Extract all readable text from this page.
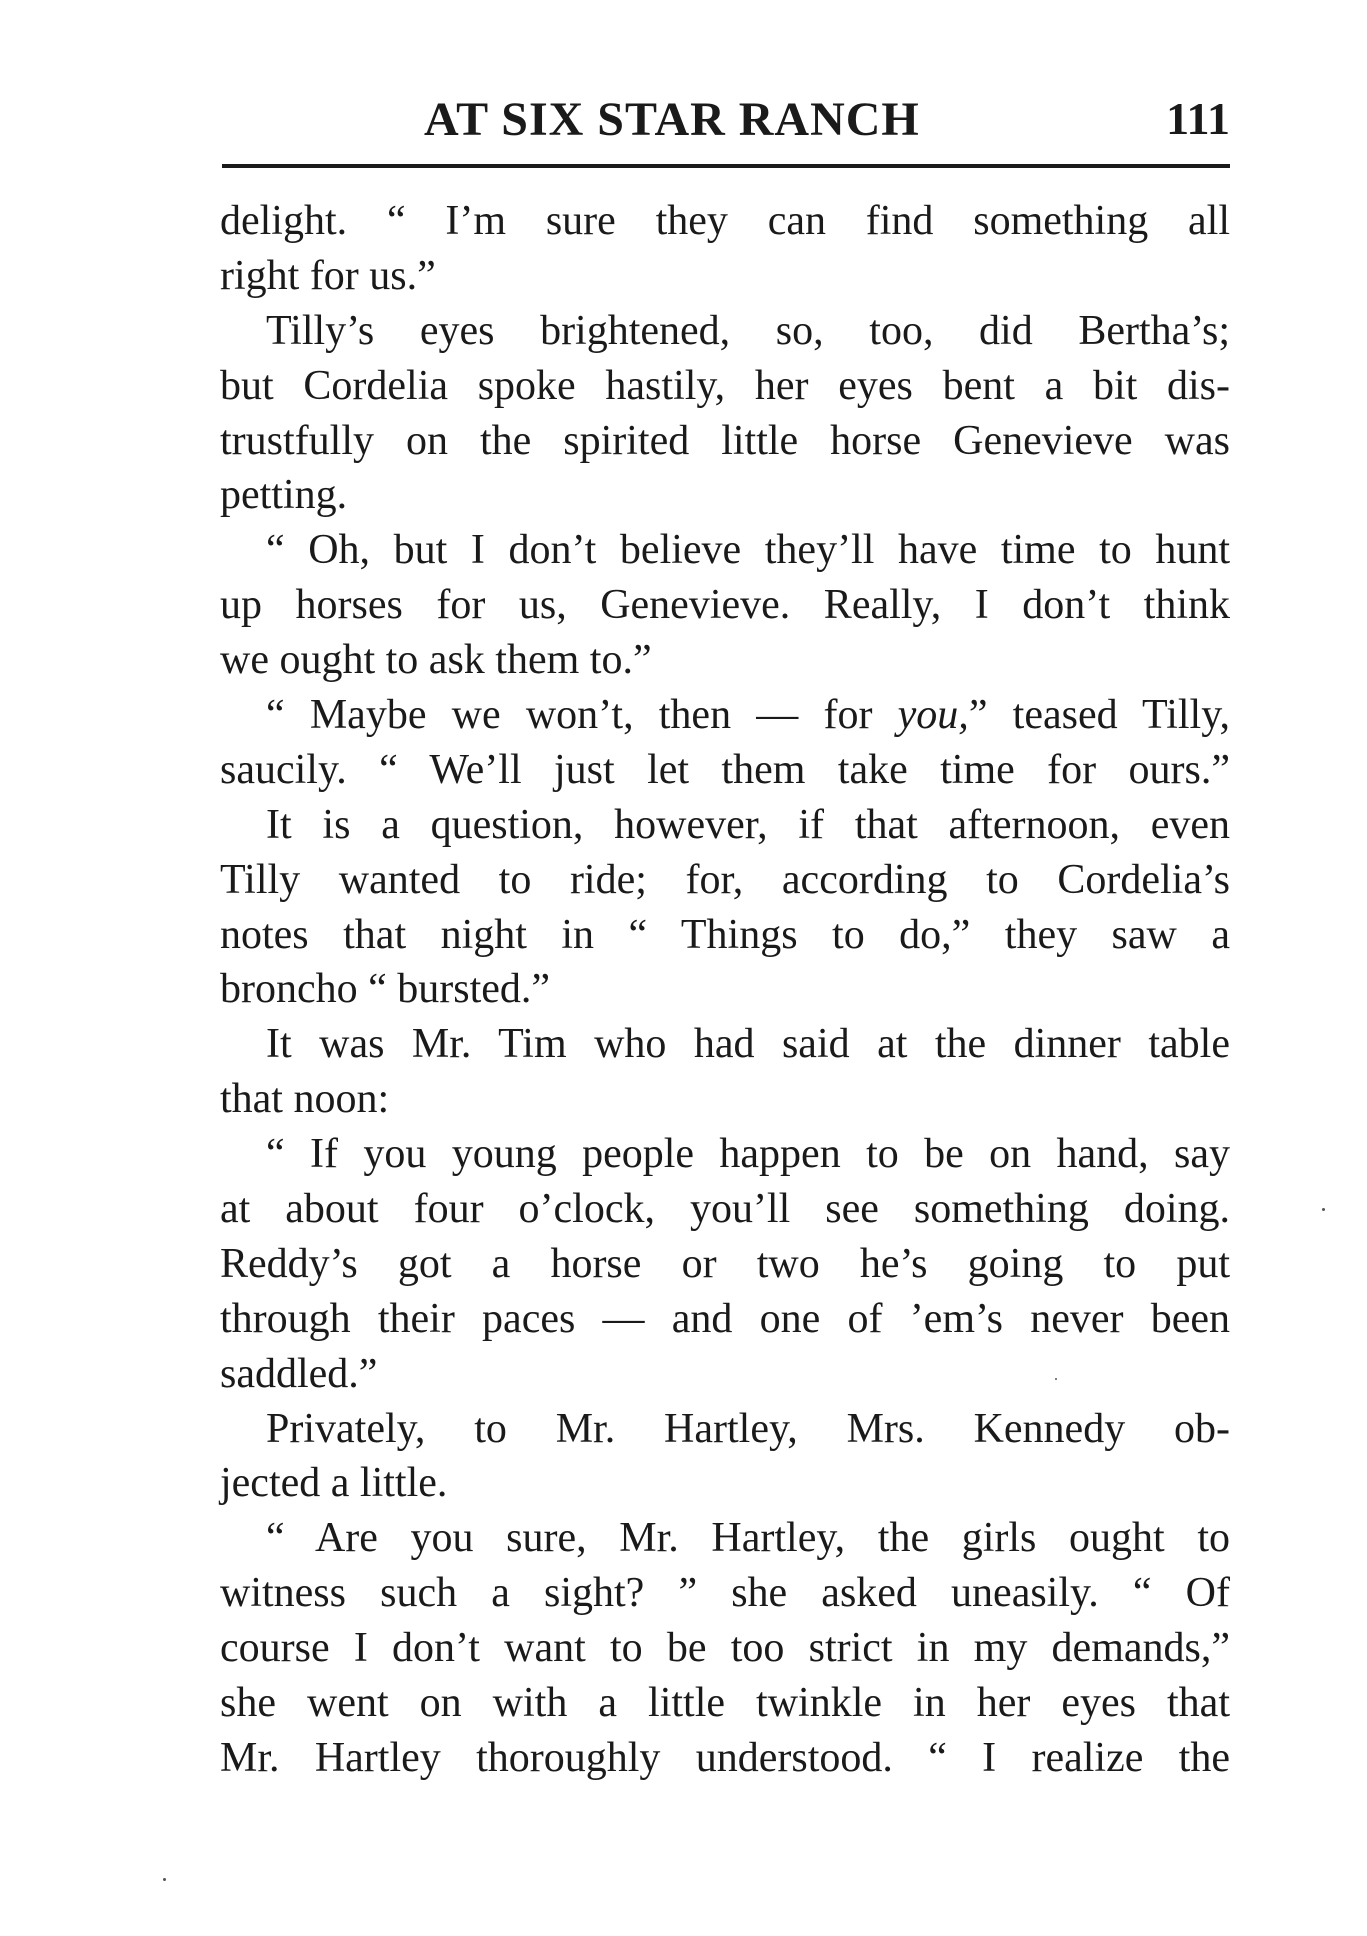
AT SIX STAR RANCH	111
delight. “ I’m sure they can find something all
right for us.”
Tilly’s eyes brightened, so, too, did Bertha’s;
but Cordelia spoke hastily, her eyes bent a bit dis-
trustfully on the spirited little horse Genevieve was
petting.
“ Oh, but I don’t believe they’ll have time to hunt
up horses for us, Genevieve. Really, I don’t think
we ought to ask them to.”
“ Maybe we won’t, then — for you,” teased Tilly,
saucily. “ We’ll just let them take time for ours.”
It is a question, however, if that afternoon, even
Tilly wanted to ride; for, according to Cordelia’s
notes that night in “ Things to do,” they saw a
broncho “ bursted.”
It was Mr. Tim who had said at the dinner table
that noon:
“ If you young people happen to be on hand, say
at about four o’clock, you’ll see something doing.
Reddy’s got a horse or two he’s going to put
through their paces — and one of ’em’s never been
saddled.”
Privately, to Mr. Hartley, Mrs. Kennedy ob-
jected a little.
“ Are you sure, Mr. Hartley, the girls ought to
witness such a sight? ” she asked uneasily. “ Of
course I don’t want to be too strict in my demands,”
she went on with a little twinkle in her eyes that
Mr. Hartley thoroughly understood. “ I realize the
